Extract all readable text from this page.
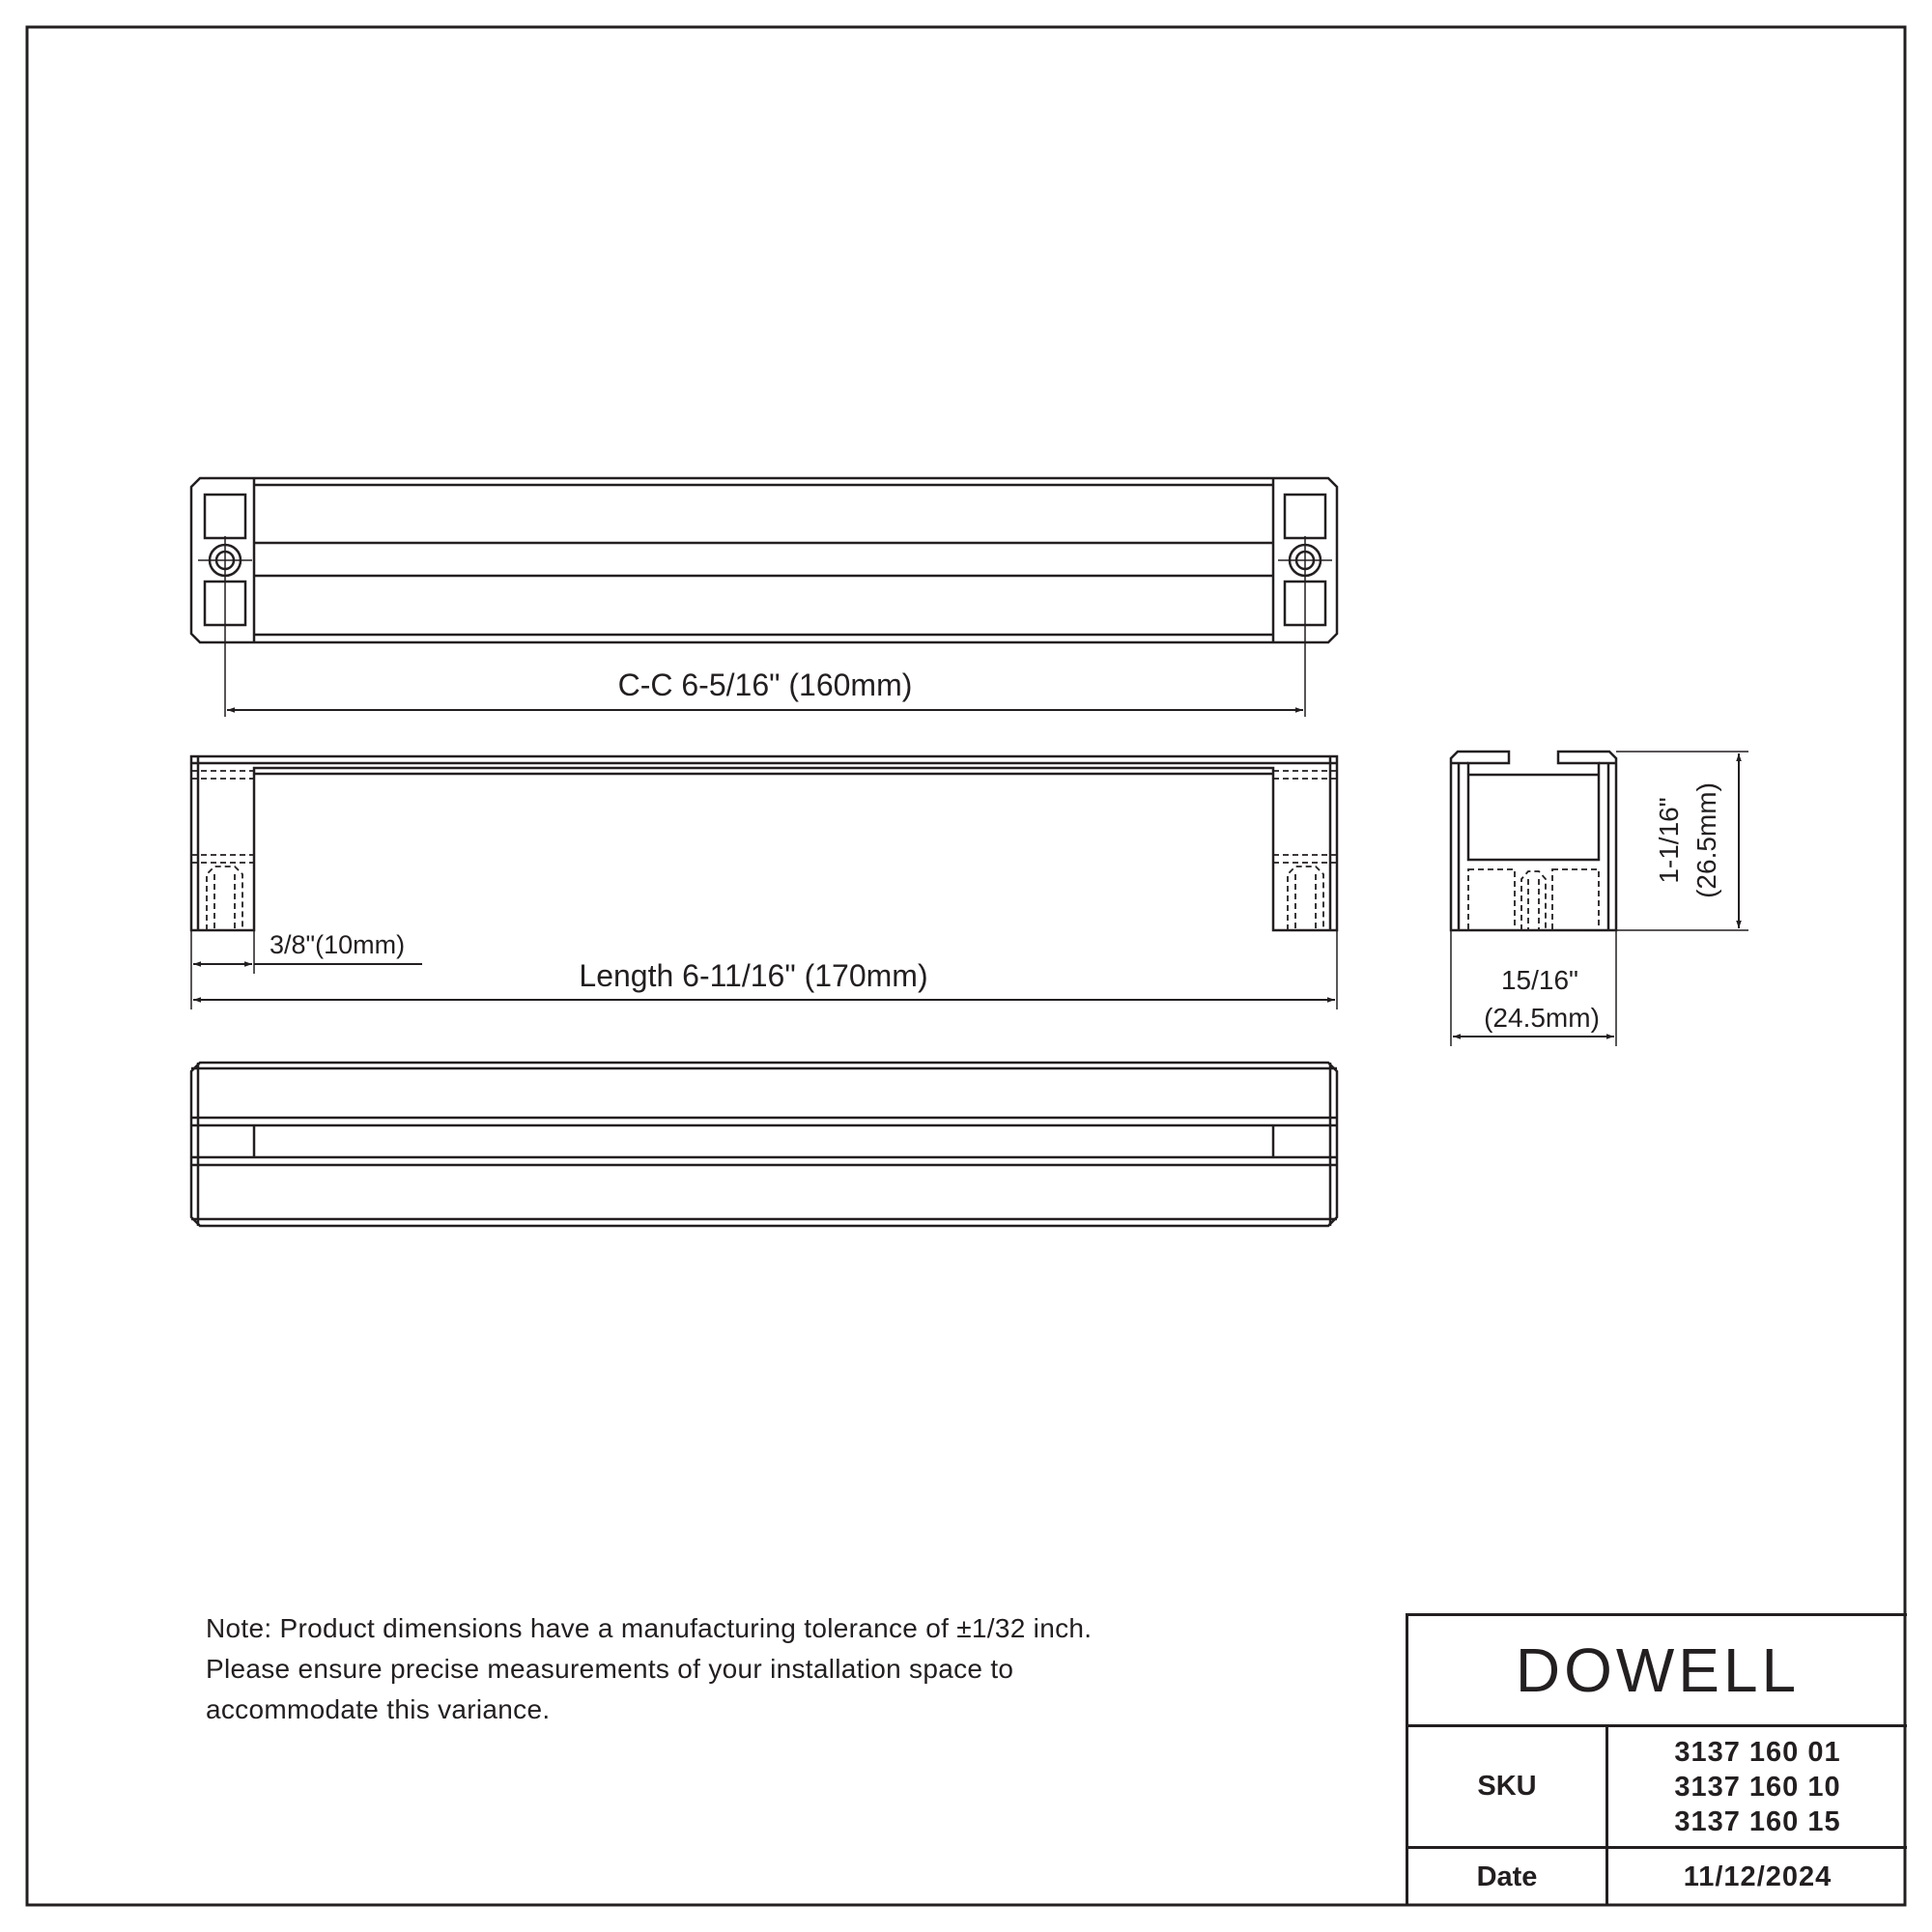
C-C 6-5/16" (160mm)
3/8"(10mm)
Length 6-11/16" (170mm)
1-1/16" (26.5mm)
15/16"
(24.5mm)
Note: Product dimensions have a manufacturing tolerance of ±1/32 inch.
Please ensure precise measurements of your installation space to
accommodate this variance.
DOWELL
SKU
3137 160 01
3137 160 10
3137 160 15
Date	11/12/2024
